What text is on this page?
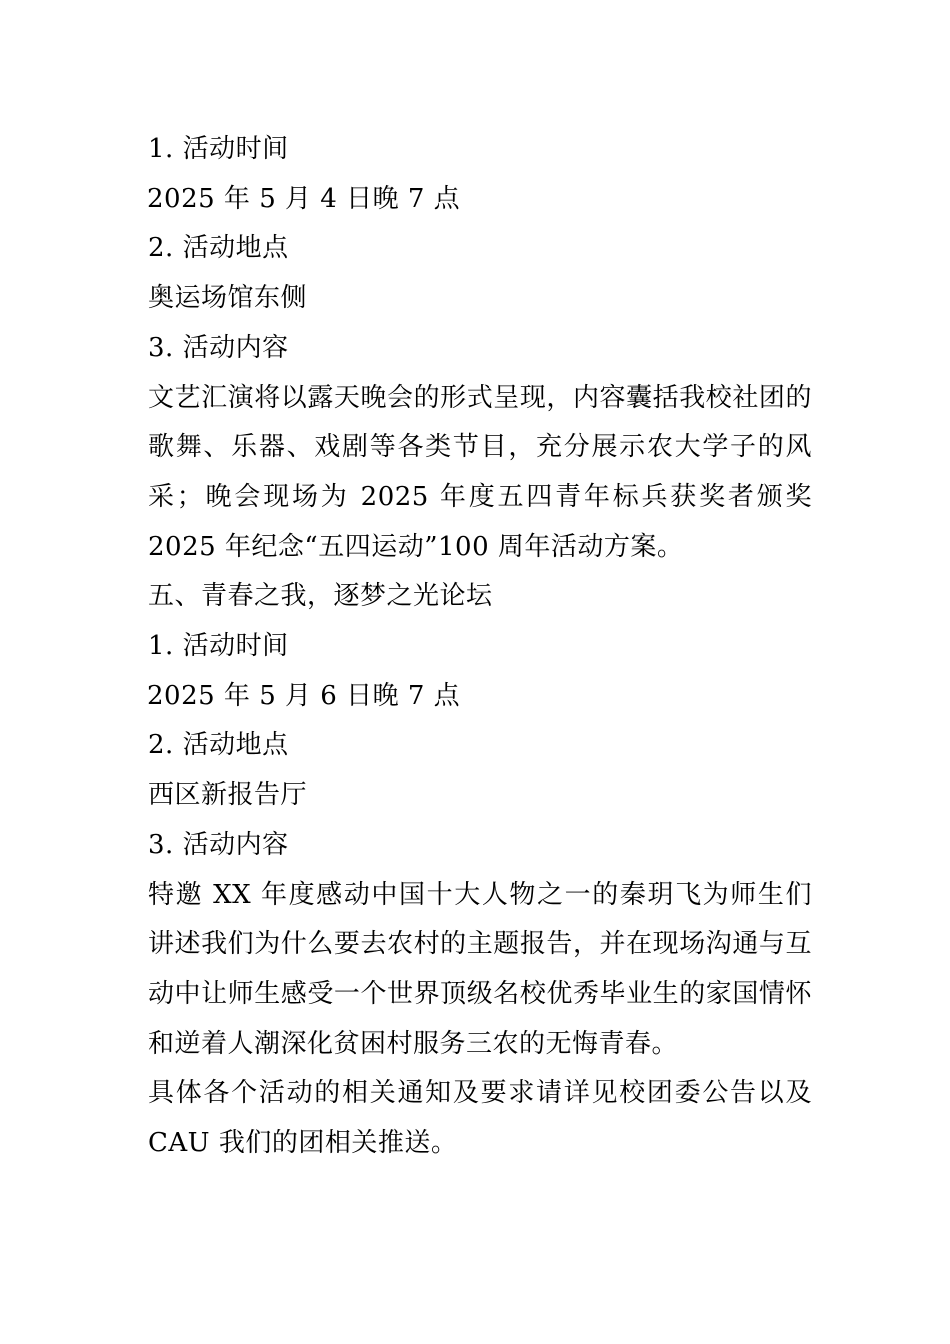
1. 活动时间

2025 年 5 月 4 日晚 7 点

2. 活动地点

奥运场馆东侧

3. 活动内容

文艺汇演将以露天晚会的形式呈现，内容囊括我校社团的歌舞、乐器、戏剧等各类节目，充分展示农大学子的风采；晚会现场为 2025 年度五四青年标兵获奖者颁奖 2025 年纪念“五四运动”100 周年活动方案。

五、青春之我，逐梦之光论坛

1. 活动时间

2025 年 5 月 6 日晚 7 点

2. 活动地点

西区新报告厅

3. 活动内容

特邀 XX 年度感动中国十大人物之一的秦玥飞为师生们讲述我们为什么要去农村的主题报告，并在现场沟通与互动中让师生感受一个世界顶级名校优秀毕业生的家国情怀和逆着人潮深化贫困村服务三农的无悔青春。

具体各个活动的相关通知及要求请详见校团委公告以及 CAU 我们的团相关推送。
